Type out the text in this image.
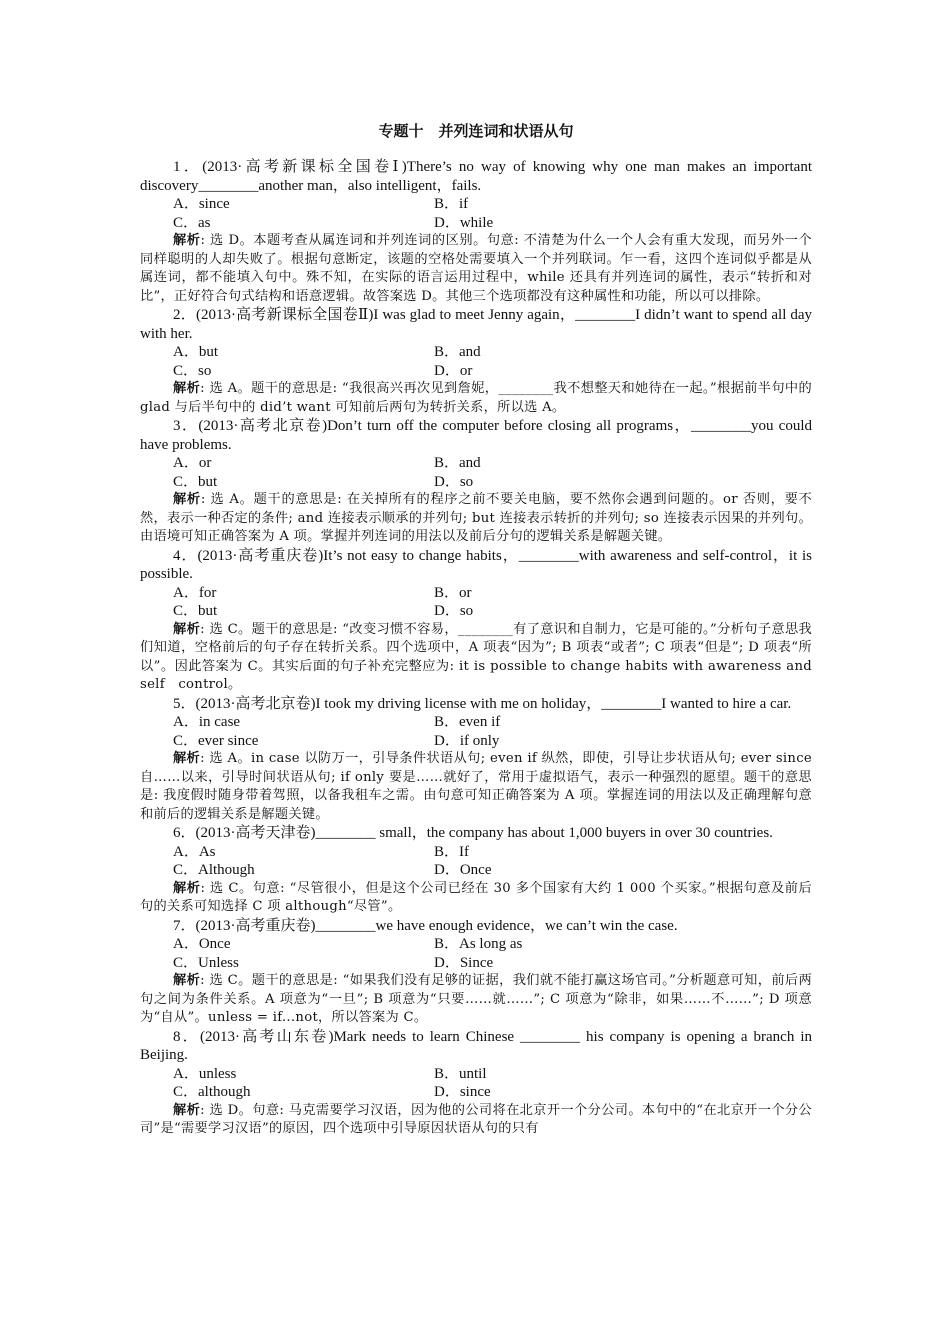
专题十　并列连词和状语从句

1．(2013·高考新课标全国卷Ⅰ)There’s no way of knowing why one man makes an important discovery________another man，also intelligent，fails.

A．since	B．if
C．as	D．while

解析: 选 D。本题考查从属连词和并列连词的区别。句意: 不清楚为什么一个人会有重大发现，而另外一个同样聪明的人却失败了。根据句意断定，该题的空格处需要填入一个并列联词。乍一看，这四个连词似乎都是从属连词，都不能填入句中。殊不知，在实际的语言运用过程中，while 还具有并列连词的属性，表示“转折和对比”，正好符合句式结构和语意逻辑。故答案选 D。其他三个选项都没有这种属性和功能，所以可以排除。

2．(2013·高考新课标全国卷Ⅱ)I was glad to meet Jenny again，________I didn’t want to spend all day with her.

A．but	B．and
C．so	D．or

解析: 选 A。题干的意思是: “我很高兴再次见到詹妮，________我不想整天和她待在一起。”根据前半句中的 glad 与后半句中的 did’t want 可知前后两句为转折关系，所以选 A。

3．(2013·高考北京卷)Don’t turn off the computer before closing all programs，________you could have problems.

A．or	B．and
C．but	D．so

解析: 选 A。题干的意思是: 在关掉所有的程序之前不要关电脑，要不然你会遇到问题的。or 否则，要不然，表示一种否定的条件; and 连接表示顺承的并列句; but 连接表示转折的并列句; so 连接表示因果的并列句。由语境可知正确答案为 A 项。掌握并列连词的用法以及前后分句的逻辑关系是解题关键。

4．(2013·高考重庆卷)It’s not easy to change habits，________with awareness and self-control，it is possible.

A．for	B．or
C．but	D．so

解析: 选 C。题干的意思是: “改变习惯不容易，________有了意识和自制力，它是可能的。”分析句子意思我们知道，空格前后的句子存在转折关系。四个选项中，A 项表“因为”; B 项表“或者”; C 项表“但是”; D 项表“所以”。因此答案为 C。其实后面的句子补充完整应为: it is possible to change habits with awareness and self　control。

5．(2013·高考北京卷)I took my driving license with me on holiday，________I wanted to hire a car.

A．in case	B．even if
C．ever since	D．if only

解析: 选 A。in case 以防万一，引导条件状语从句; even if 纵然，即使，引导让步状语从句; ever since 自……以来，引导时间状语从句; if only 要是……就好了，常用于虚拟语气，表示一种强烈的愿望。题干的意思是: 我度假时随身带着驾照，以备我租车之需。由句意可知正确答案为 A 项。掌握连词的用法以及正确理解句意和前后的逻辑关系是解题关键。

6．(2013·高考天津卷)________ small，the company has about 1,000 buyers in over 30 countries.

A．As	B．If
C．Although	D．Once

解析: 选 C。句意: “尽管很小，但是这个公司已经在 30 多个国家有大约 1 000 个买家。”根据句意及前后句的关系可知选择 C 项 although“尽管”。

7．(2013·高考重庆卷)________we have enough evidence，we can’t win the case.

A．Once	B．As long as
C．Unless	D．Since

解析: 选 C。题干的意思是: “如果我们没有足够的证据，我们就不能打赢这场官司。”分析题意可知，前后两句之间为条件关系。A 项意为“一旦”; B 项意为“只要……就……”; C 项意为“除非，如果……不……”; D 项意为“自从”。unless = if...not，所以答案为 C。

8．(2013·高考山东卷)Mark needs to learn Chinese ________ his company is opening a branch in Beijing.

A．unless	B．until
C．although	D．since

解析: 选 D。句意: 马克需要学习汉语，因为他的公司将在北京开一个分公司。本句中的“在北京开一个分公司”是“需要学习汉语”的原因，四个选项中引导原因状语从句的只有
